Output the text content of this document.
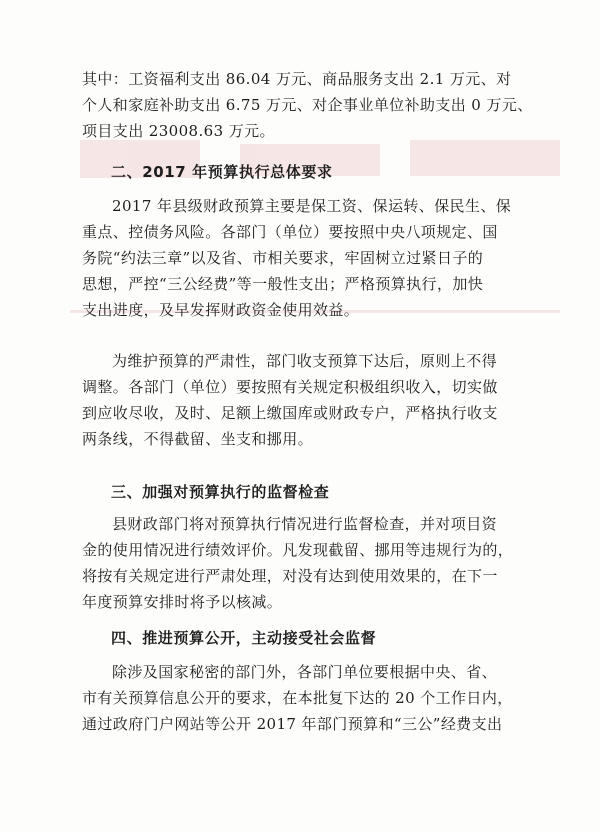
其中：工资福利支出 86.04 万元、商品服务支出 2.1 万元、对
个人和家庭补助支出 6.75 万元、对企事业单位补助支出 0 万元、
项目支出 23008.63 万元。

二、2017 年预算执行总体要求

2017 年县级财政预算主要是保工资、保运转、保民生、保
重点、控债务风险。各部门（单位）要按照中央八项规定、国
务院“约法三章”以及省、市相关要求，牢固树立过紧日子的
思想，严控“三公经费”等一般性支出；严格预算执行，加快
支出进度，及早发挥财政资金使用效益。

为维护预算的严肃性，部门收支预算下达后，原则上不得
调整。各部门（单位）要按照有关规定积极组织收入，切实做
到应收尽收，及时、足额上缴国库或财政专户，严格执行收支
两条线，不得截留、坐支和挪用。

三、加强对预算执行的监督检查

县财政部门将对预算执行情况进行监督检查，并对项目资
金的使用情况进行绩效评价。凡发现截留、挪用等违规行为的，
将按有关规定进行严肃处理，对没有达到使用效果的，在下一
年度预算安排时将予以核减。

四、推进预算公开，主动接受社会监督

除涉及国家秘密的部门外，各部门单位要根据中央、省、
市有关预算信息公开的要求，在本批复下达的 20 个工作日内，
通过政府门户网站等公开 2017 年部门预算和“三公”经费支出
